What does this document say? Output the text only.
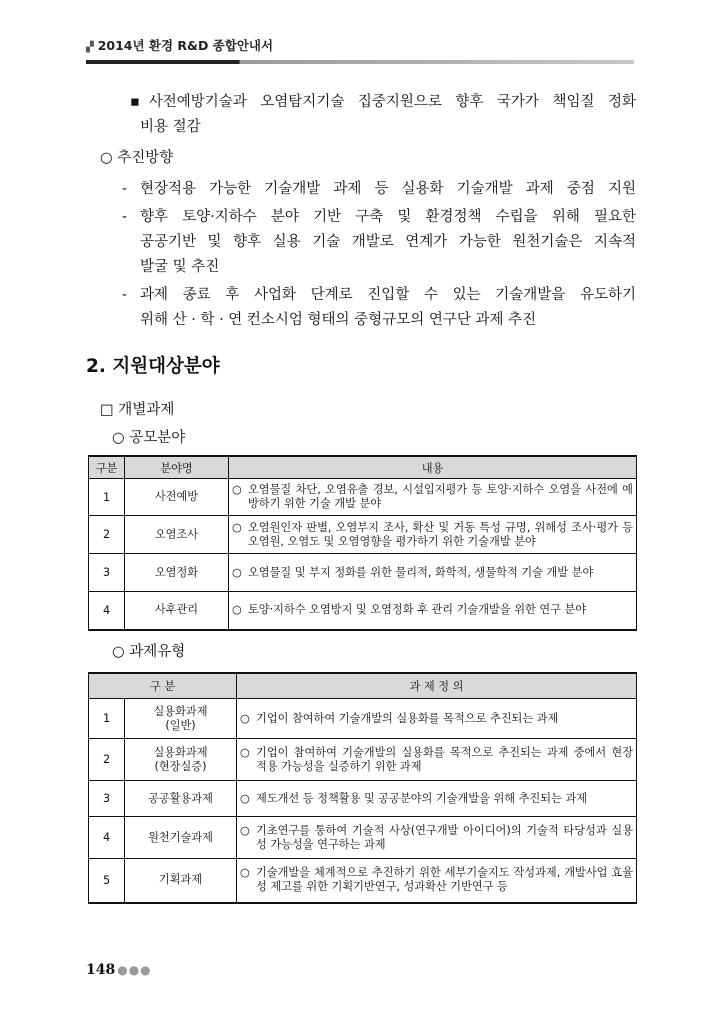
▞ 2014년 환경 R&D 종합안내서
▪사전예방기술과 오염탐지기술 집중지원으로 향후 국가가 책임질 정화
비용 절감
○ 추진방향
- 현장적용 가능한 기술개발 과제 등 실용화 기술개발 과제 중점 지원
- 향후 토양·지하수 분야 기반 구축 및 환경정책 수립을 위해 필요한
공공기반 및 향후 실용 기술 개발로 연계가 가능한 원천기술은 지속적
발굴 및 추진
- 과제 종료 후 사업화 단계로 진입할 수 있는 기술개발을 유도하기
위해 산 · 학 · 연 컨소시엄 형태의 중형규모의 연구단 과제 추진
2. 지원대상분야
□ 개별과제
○ 공모분야
구분	분야명	내용
1	사전예방	○ 오염물질 차단, 오염유출 경보, 시설입지평가 등 토양·지하수 오염을 사전에 예방하기 위한 기술 개발 분야

2	오염조사	○ 오염원인자 판별, 오염부지 조사, 확산 및 거동 특성 규명, 위해성 조사·평가 등 오염원, 오염도 및 오염영향을 평가하기 위한 기술개발 분야

3	오염정화	○ 오염물질 및 부지 정화를 위한 물리적, 화학적, 생물학적 기술 개발 분야

4	사후관리	○ 토양·지하수 오염방지 및 오염정화 후 관리 기술개발을 위한 연구 분야
○ 과제유형
구 분		과 제 정 의
1	실용화과제
(일반)	○ 기업이 참여하여 기술개발의 실용화를 목적으로 추진되는 과제

2	실용화과제
(현장실증)	○ 기업이 참여하여 기술개발의 실용화를 목적으로 추진되는 과제 중에서 현장 적용 가능성을 실증하기 위한 과제

3	공공활용과제	○ 제도개선 등 정책활용 및 공공분야의 기술개발을 위해 추진되는 과제

4	원천기술과제	○ 기초연구를 통하여 기술적 사상(연구개발 아이디어)의 기술적 타당성과 실용성 가능성을 연구하는 과제

5	기획과제	○ 기술개발을 체계적으로 추진하기 위한 세부기술지도 작성과제, 개발사업 효율성 제고를 위한 기획기반연구, 성과확산 기반연구 등
148 ●●●
